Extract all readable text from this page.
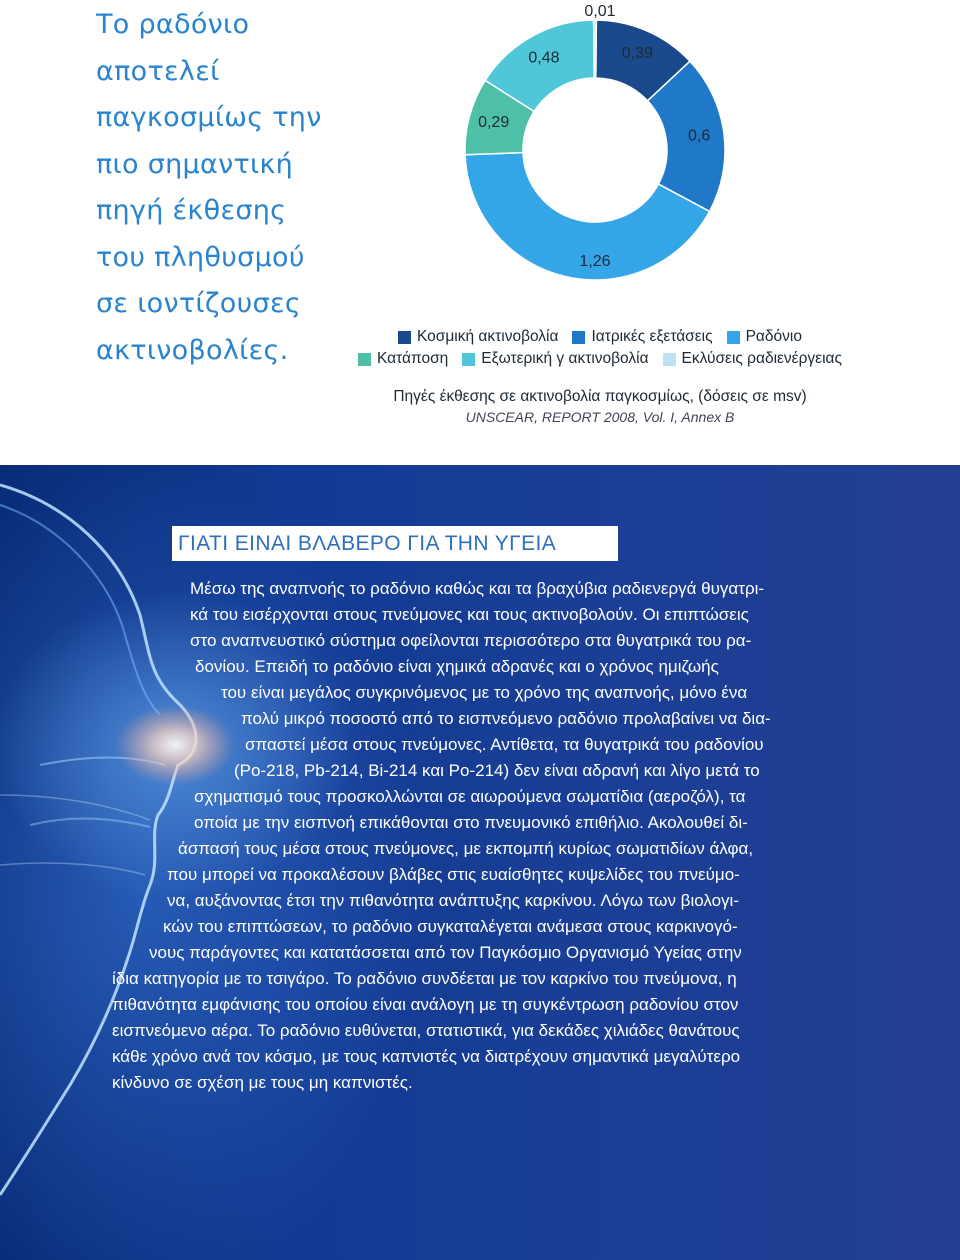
Το ραδόνιο
αποτελεί
παγκοσμίως την
πιο σημαντική
πηγή έκθεσης
του πληθυσμού
σε ιοντίζουσες
ακτινοβολίες.
0,39
0,6
1,26
0,29
0,48
0,01
Κοσμική ακτινοβολία Ιατρικές εξετάσεις Ραδόνιο
Κατάποση Εξωτερική γ ακτινοβολία Εκλύσεις ραδιενέργειας
Πηγές έκθεσης σε ακτινοβολία παγκοσμίως, (δόσεις σε msv)
UNSCEAR, REPORT 2008, Vol. I, Annex B
ΓΙΑΤΙ ΕΙΝΑΙ ΒΛΑΒΕΡΟ ΓΙΑ ΤΗΝ ΥΓΕΙΑ
Μέσω της αναπνοής το ραδόνιο καθώς και τα βραχύβια ραδιενεργά θυγατρι-
κά του εισέρχονται στους πνεύμονες και τους ακτινοβολούν. Οι επιπτώσεις
στο αναπνευστικό σύστημα οφείλονται περισσότερο στα θυγατρικά του ρα-
δονίου. Επειδή το ραδόνιο είναι χημικά αδρανές και ο χρόνος ημιζωής
του είναι μεγάλος συγκρινόμενος με το χρόνο της αναπνοής, μόνο ένα
πολύ μικρό ποσοστό από το εισπνεόμενο ραδόνιο προλαβαίνει να δια-
σπαστεί μέσα στους πνεύμονες. Αντίθετα, τα θυγατρικά του ραδονίου
(Po-218, Pb-214, Bi-214 και Po-214) δεν είναι αδρανή και λίγο μετά το
σχηματισμό τους προσκολλώνται σε αιωρούμενα σωματίδια (αεροζόλ), τα
οποία με την εισπνοή επικάθονται στο πνευμονικό επιθήλιο. Ακολουθεί δι-
άσπασή τους μέσα στους πνεύμονες, με εκπομπή κυρίως σωματιδίων άλφα,
που μπορεί να προκαλέσουν βλάβες στις ευαίσθητες κυψελίδες του πνεύμο-
να, αυξάνοντας έτσι την πιθανότητα ανάπτυξης καρκίνου. Λόγω των βιολογι-
κών του επιπτώσεων, το ραδόνιο συγκαταλέγεται ανάμεσα στους καρκινογό-
νους παράγοντες και κατατάσσεται από τον Παγκόσμιο Οργανισμό Υγείας στην
ίδια κατηγορία με το τσιγάρο. Το ραδόνιο συνδέεται με τον καρκίνο του πνεύμονα, η
πιθανότητα εμφάνισης του οποίου είναι ανάλογη με τη συγκέντρωση ραδονίου στον
εισπνεόμενο αέρα. Το ραδόνιο ευθύνεται, στατιστικά, για δεκάδες χιλιάδες θανάτους
κάθε χρόνο ανά τον κόσμο, με τους καπνιστές να διατρέχουν σημαντικά μεγαλύτερο
κίνδυνο σε σχέση με τους μη καπνιστές.
